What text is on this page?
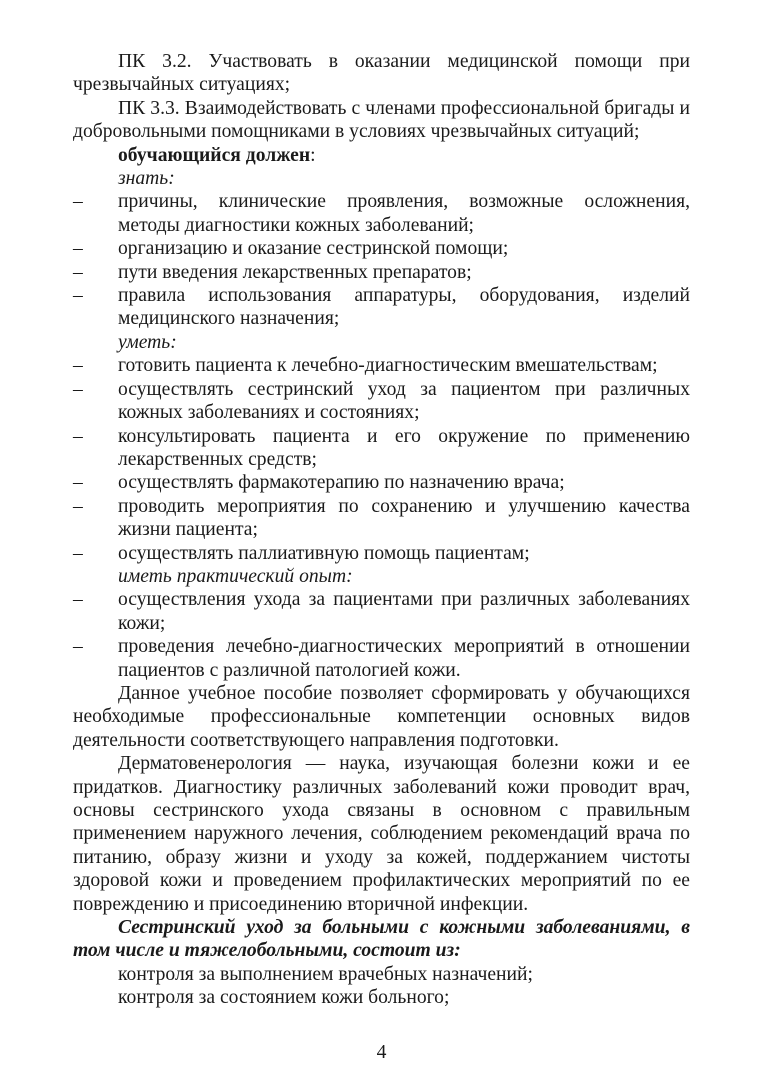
ПК 3.2. Участвовать в оказании медицинской помощи при чрезвычайных ситуациях;

ПК 3.3. Взаимодействовать с членами профессиональной бригады и добровольными помощниками в условиях чрезвычайных ситуаций;

обучающийся должен:

знать:

– причины, клинические проявления, возможные осложнения, методы диагностики кожных заболеваний;
– организацию и оказание сестринской помощи;
– пути введения лекарственных препаратов;
– правила использования аппаратуры, оборудования, изделий медицинского назначения;

уметь:

– готовить пациента к лечебно-диагностическим вмешательствам;
– осуществлять сестринский уход за пациентом при различных кожных заболеваниях и состояниях;
– консультировать пациента и его окружение по применению лекарственных средств;
– осуществлять фармакотерапию по назначению врача;
– проводить мероприятия по сохранению и улучшению качества жизни пациента;
– осуществлять паллиативную помощь пациентам;

иметь практический опыт:

– осуществления ухода за пациентами при различных заболеваниях кожи;
– проведения лечебно-диагностических мероприятий в отношении пациентов с различной патологией кожи.

Данное учебное пособие позволяет сформировать у обучающихся необходимые профессиональные компетенции основных видов деятельности соответствующего направления подготовки.

Дерматовенерология — наука, изучающая болезни кожи и ее придатков. Диагностику различных заболеваний кожи проводит врач, основы сестринского ухода связаны в основном с правильным применением наружного лечения, соблюдением рекомендаций врача по питанию, образу жизни и уходу за кожей, поддержанием чистоты здоровой кожи и проведением профилактических мероприятий по ее повреждению и присоединению вторичной инфекции.

Сестринский уход за больными с кожными заболеваниями, в том числе и тяжелобольными, состоит из:

контроля за выполнением врачебных назначений;

контроля за состоянием кожи больного;

4
